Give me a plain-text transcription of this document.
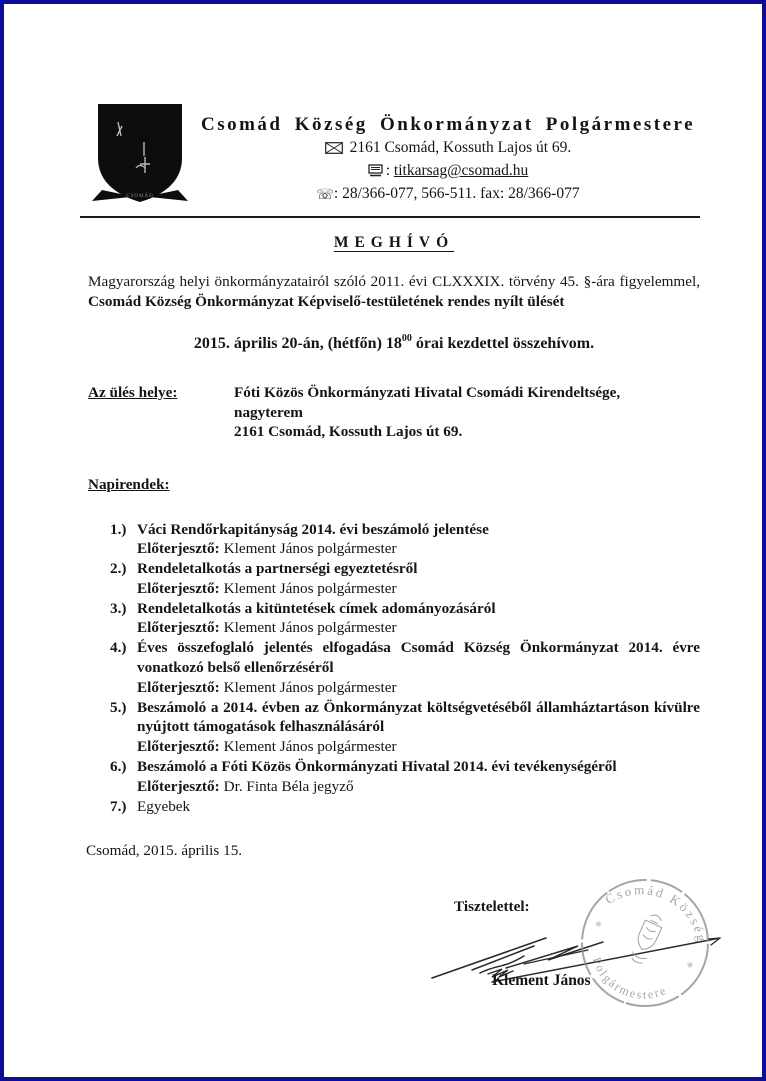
CSOMÁD
Csomád Község Önkormányzat Polgármestere
2161 Csomád, Kossuth Lajos út 69.
: titkarsag@csomad.hu
☏: 28/366-077, 566-511. fax: 28/366-077
MEGHÍVÓ

Magyarország helyi önkormányzatairól szóló 2011. évi CLXXXIX. törvény 45. §-ára figyelemmel, Csomád Község Önkormányzat Képviselő-testületének rendes nyílt ülését

2015. április 20-án, (hétfőn) $18^{00}$ órai kezdettel összehívom.
Az ülés helye:	Fóti Közös Önkormányzati Hivatal Csomádi Kirendeltsége,
nagyterem
2161 Csomád, Kossuth Lajos út 69.
Napirendek:
1.) Váci Rendőrkapitányság 2014. évi beszámoló jelentése
Előterjesztő: Klement János polgármester
2.) Rendeletalkotás a partnerségi egyeztetésről
Előterjesztő: Klement János polgármester
3.) Rendeletalkotás a kitüntetések címek adományozásáról
Előterjesztő: Klement János polgármester
4.) Éves összefoglaló jelentés elfogadása Csomád Község Önkormányzat 2014. évre vonatkozó belső ellenőrzéséről
Előterjesztő: Klement János polgármester
5.) Beszámoló a 2014. évben az Önkormányzat költségvetéséből államháztartáson kívülre nyújtott támogatások felhasználásáról
Előterjesztő: Klement János polgármester
6.) Beszámoló a Fóti Közös Önkormányzati Hivatal 2014. évi tevékenységéről
Előterjesztő: Dr. Finta Béla jegyző
7.) Egyebek
Csomád, 2015. április 15.
Tisztelettel:
Klement János
Csomád Község
Polgármestere
✳
✳
